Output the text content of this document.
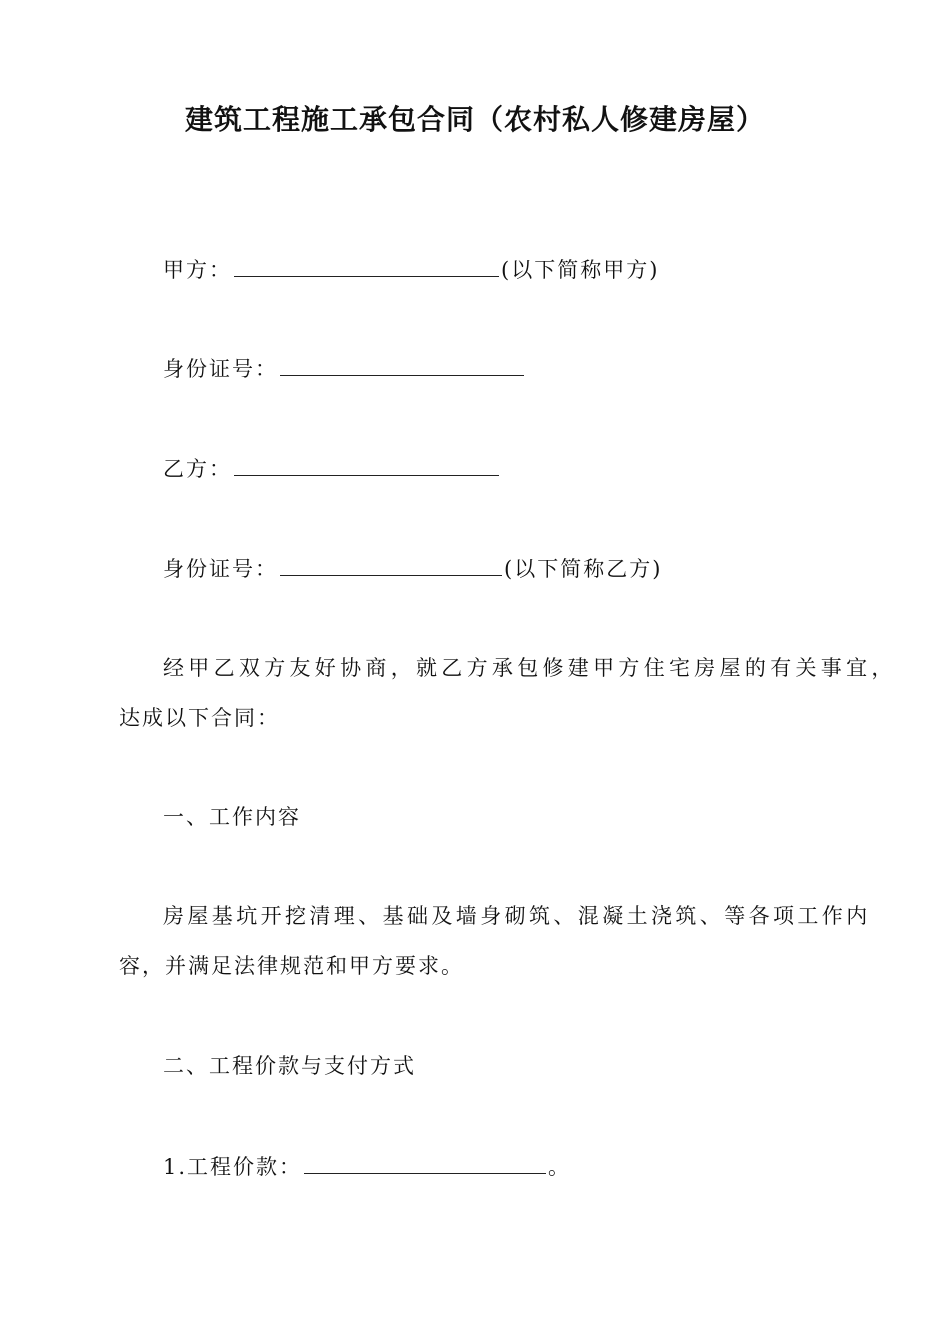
建筑工程施工承包合同（农村私人修建房屋）
甲方：	(以下简称甲方)
身份证号：
乙方：
身份证号：	(以下简称乙方)
经甲乙双方友好协商，就乙方承包修建甲方住宅房屋的有关事宜，
达成以下合同：
一、工作内容
房屋基坑开挖清理、基础及墙身砌筑、混凝土浇筑、等各项工作内
容，并满足法律规范和甲方要求。
二、工程价款与支付方式
1.工程价款：	。
